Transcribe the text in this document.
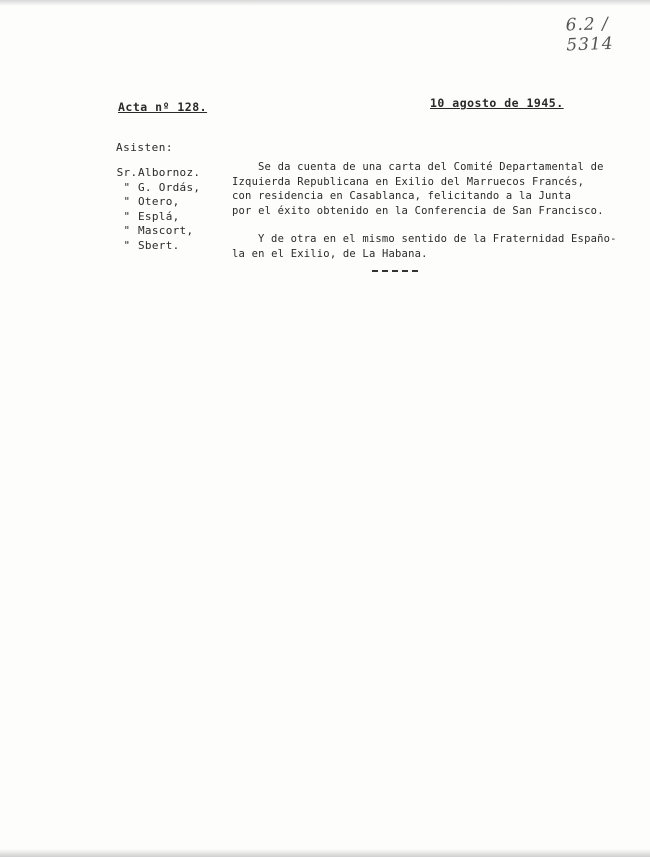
6.2 / 5314
Acta nº 128.	10 agosto de 1945.
Asisten:
Sr. Albornoz.
" G. Ordás,
" Otero,
" Esplá,
" Mascort,
" Sbert.
Se da cuenta de una carta del Comité Departamental de
Izquierda Republicana en Exilio del Marruecos Francés,
con residencia en Casablanca, felicitando a la Junta
por el éxito obtenido en la Conferencia de San Francisco.
Y de otra en el mismo sentido de la Fraternidad Españo-
la en el Exilio, de La Habana.
